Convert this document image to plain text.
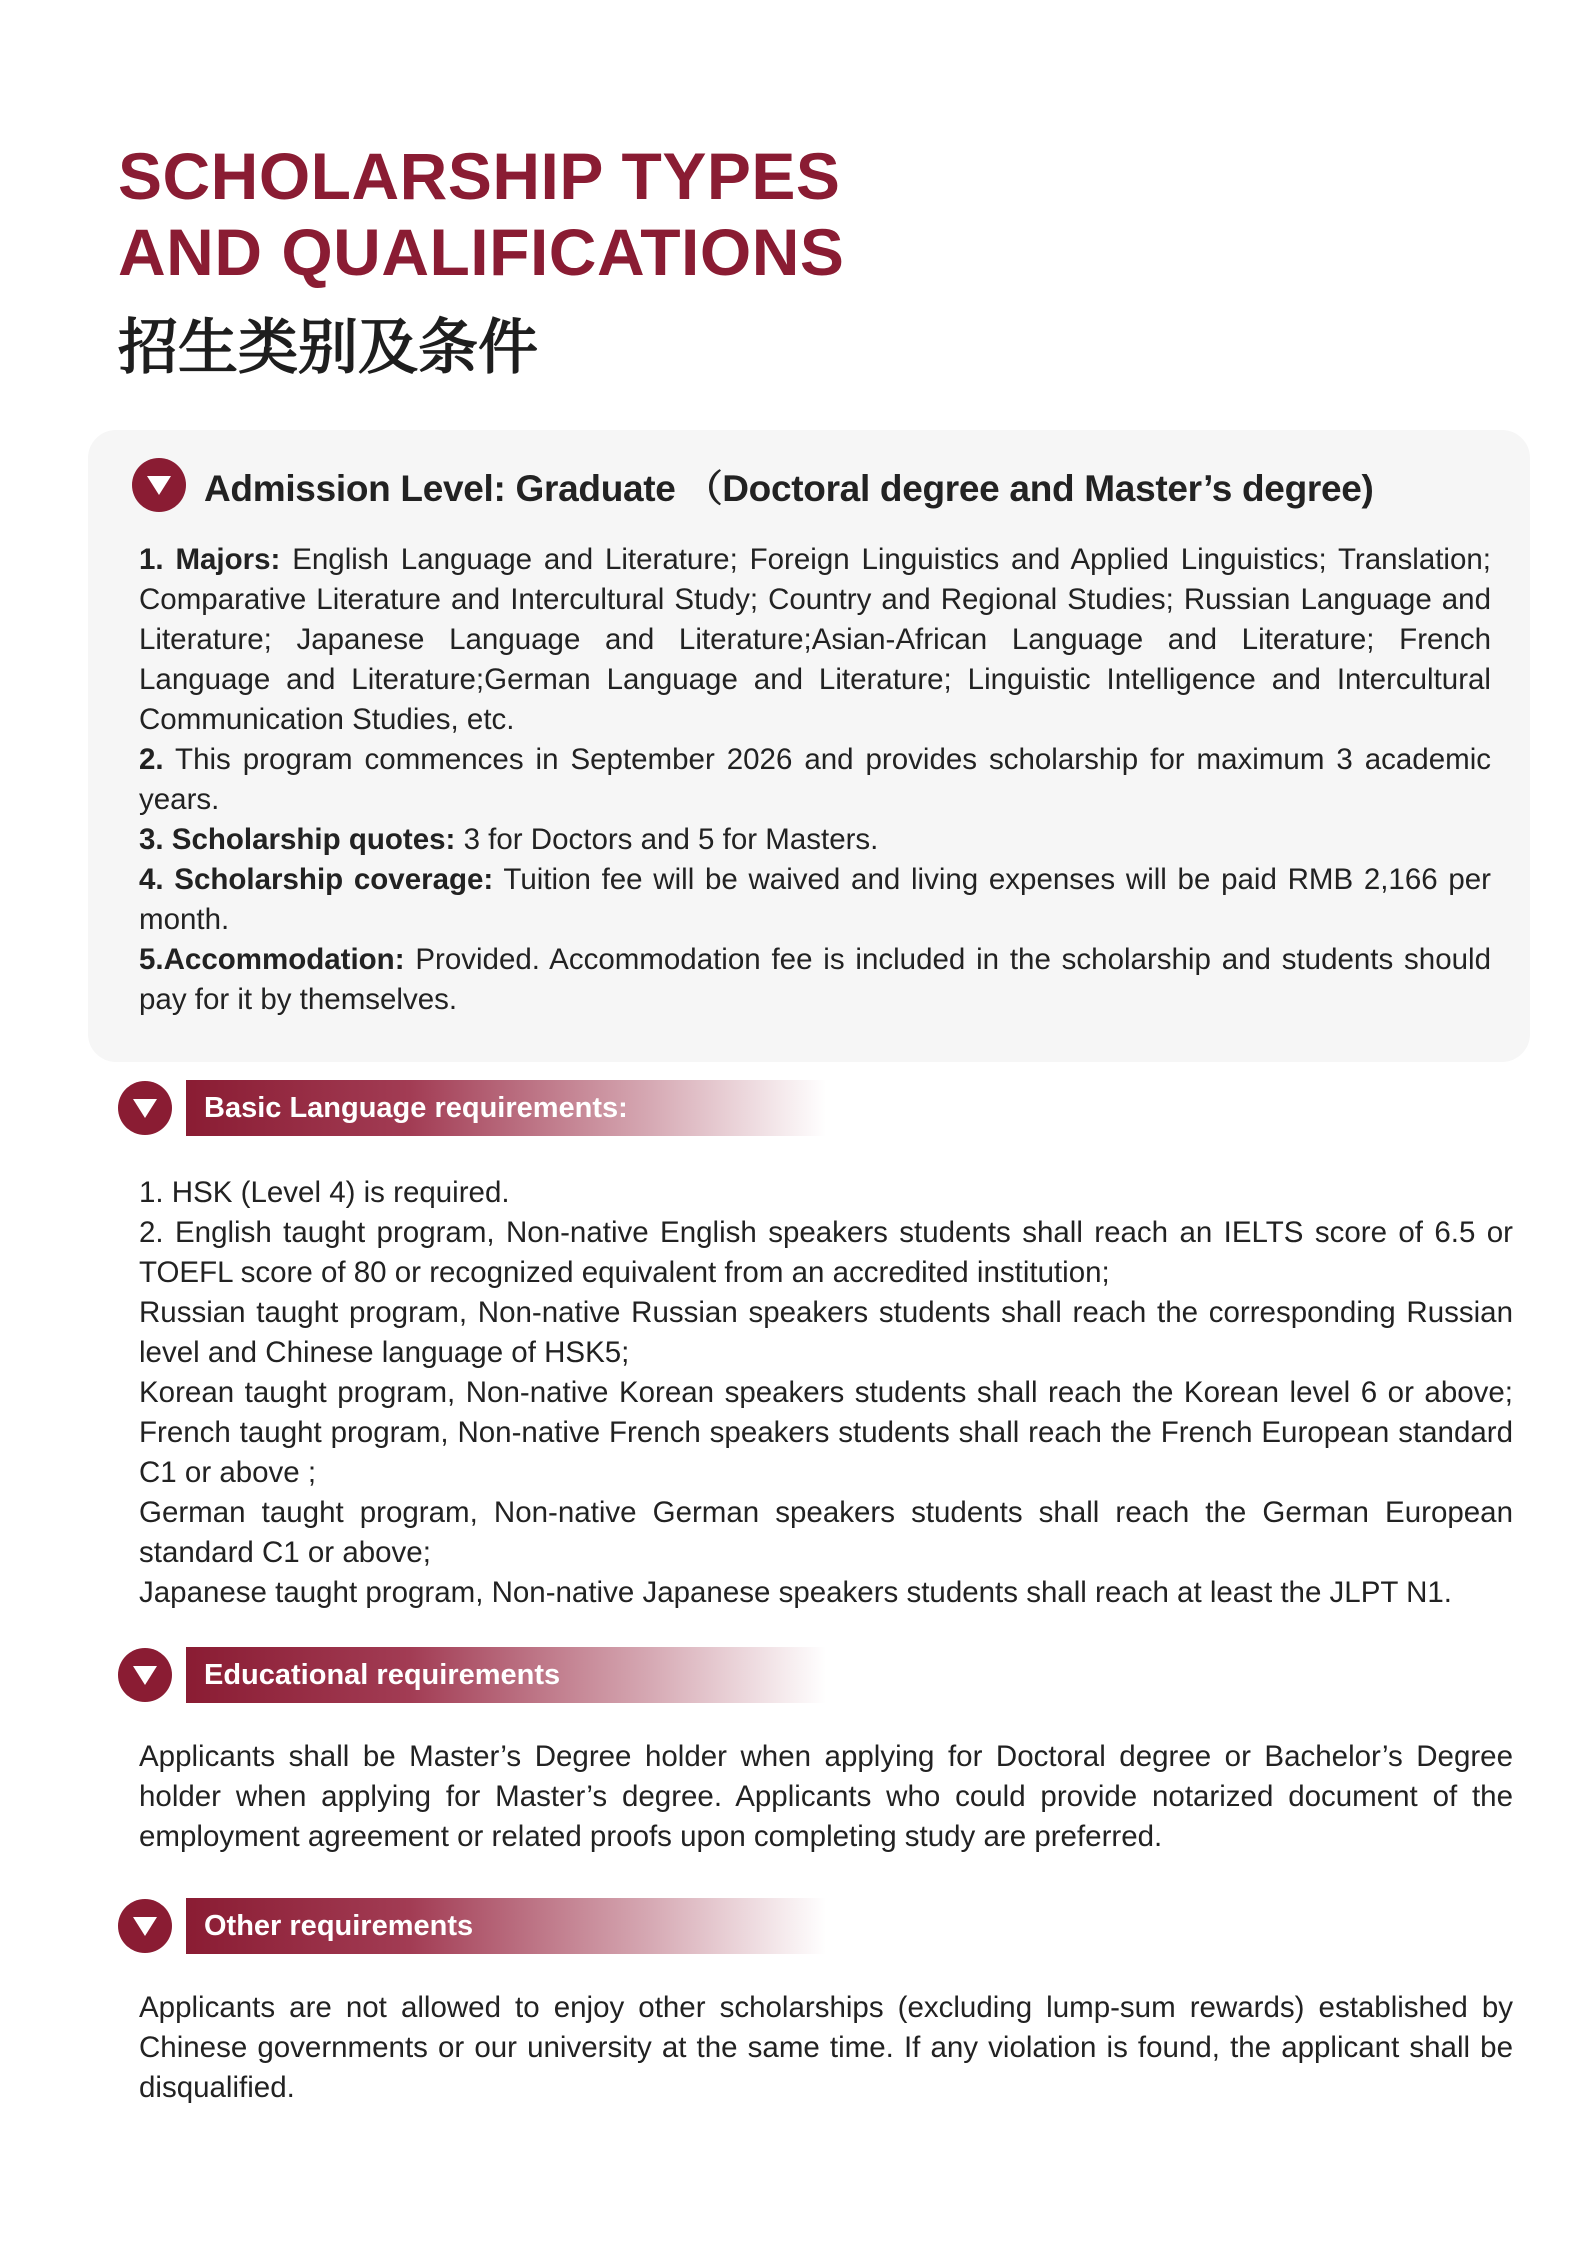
SCHOLARSHIP TYPES
AND QUALIFICATIONS
招生类别及条件
Admission Level: Graduate （Doctoral degree and Master’s degree)

1. Majors: English Language and Literature; Foreign Linguistics and Applied Linguistics; Translation; Comparative Literature and Intercultural Study; Country and Regional Studies; Russian Language and Literature; Japanese Language and Literature;Asian-African Language and Literature; French Language and Literature;German Language and Literature; Linguistic Intelligence and Intercultural Communication Studies, etc.

2. This program commences in September 2026 and provides scholarship for maximum 3 academic years.

3. Scholarship quotes: 3 for Doctors and 5 for Masters.

4. Scholarship coverage: Tuition fee will be waived and living expenses will be paid RMB 2,166 per month.

5.Accommodation: Provided. Accommodation fee is included in the scholarship and students should pay for it by themselves.

Basic Language requirements:

1. HSK (Level 4) is required.

2. English taught program, Non-native English speakers students shall reach an IELTS score of 6.5 or TOEFL score of 80 or recognized equivalent from an accredited institution;

Russian taught program, Non-native Russian speakers students shall reach the corresponding Russian level and Chinese language of HSK5;

Korean taught program, Non-native Korean speakers students shall reach the Korean level 6 or above; French taught program, Non-native French speakers students shall reach the French European standard C1 or above ;

German taught program, Non-native German speakers students shall reach the German European standard C1 or above;

Japanese taught program, Non-native Japanese speakers students shall reach at least the JLPT N1.

Educational requirements

Applicants shall be Master’s Degree holder when applying for Doctoral degree or Bachelor’s Degree holder when applying for Master’s degree. Applicants who could provide notarized document of the employment agreement or related proofs upon completing study are preferred.

Other requirements

Applicants are not allowed to enjoy other scholarships (excluding lump-sum rewards) established by Chinese governments or our university at the same time. If any violation is found, the applicant shall be disqualified.
